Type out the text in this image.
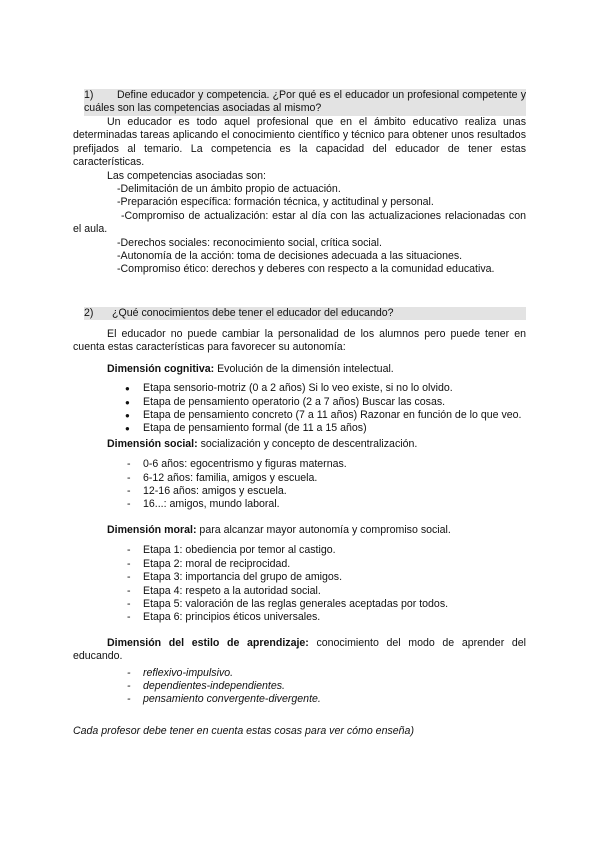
1) Define educador y competencia. ¿Por qué es el educador un profesional competente y cuáles son las competencias asociadas al mismo?

Un educador es todo aquel profesional que en el ámbito educativo realiza unas determinadas tareas aplicando el conocimiento científico y técnico para obtener unos resultados prefijados al temario. La competencia es la capacidad del educador de tener estas características.

Las competencias asociadas son:

-Delimitación de un ámbito propio de actuación.

-Preparación específica: formación técnica, y actitudinal y personal.

-Compromiso de actualización: estar al día con las actualizaciones relacionadas con el aula.

-Derechos sociales: reconocimiento social, crítica social.

-Autonomía de la acción: toma de decisiones adecuada a las situaciones.

-Compromiso ético: derechos y deberes con respecto a la comunidad educativa.

2) ¿Qué conocimientos debe tener el educador del educando?

El educador no puede cambiar la personalidad de los alumnos pero puede tener en cuenta estas características para favorecer su autonomía:

Dimensión cognitiva: Evolución de la dimensión intelectual.

● Etapa sensorio-motriz (0 a 2 años) Si lo veo existe, si no lo olvido.
● Etapa de pensamiento operatorio (2 a 7 años) Buscar las cosas.
● Etapa de pensamiento concreto (7 a 11 años) Razonar en función de lo que veo.
● Etapa de pensamiento formal (de 11 a 15 años)

Dimensión social: socialización y concepto de descentralización.

- 0-6 años: egocentrismo y figuras maternas.
- 6-12 años: familia, amigos y escuela.
- 12-16 años: amigos y escuela.
- 16...: amigos, mundo laboral.

Dimensión moral: para alcanzar mayor autonomía y compromiso social.

- Etapa 1: obediencia por temor al castigo.
- Etapa 2: moral de reciprocidad.
- Etapa 3: importancia del grupo de amigos.
- Etapa 4: respeto a la autoridad social.
- Etapa 5: valoración de las reglas generales aceptadas por todos.
- Etapa 6: principios éticos universales.

Dimensión del estilo de aprendizaje: conocimiento del modo de aprender del educando.

- reflexivo-impulsivo.
- dependientes-independientes.
- pensamiento convergente-divergente.

Cada profesor debe tener en cuenta estas cosas para ver cómo enseña)
